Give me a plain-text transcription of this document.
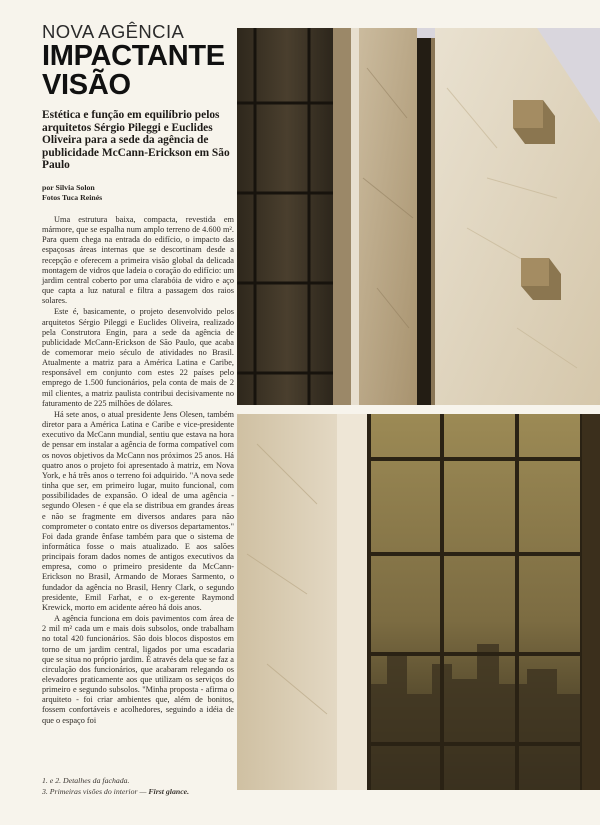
NOVA AGÊNCIA
IMPACTANTE
VISÃO
Estética e função em equilíbrio pelos arquitetos Sérgio Pileggi e Euclides Oliveira para a sede da agência de publicidade McCann-Erickson em São Paulo
por Silvia Solon
Fotos Tuca Reinés

Uma estrutura baixa, compacta, revestida em mármore, que se espalha num amplo terreno de 4.600 m². Para quem chega na entrada do edifício, o impacto das espaçosas áreas internas que se descortinam desde a recepção e oferecem a primeira visão global da delicada montagem de vidros que ladeia o coração do edifício: um jardim central coberto por uma clarabóia de vidro e aço que capta a luz natural e filtra a passagem dos raios solares.

Este é, basicamente, o projeto desenvolvido pelos arquitetos Sérgio Pileggi e Euclides Oliveira, realizado pela Construtora Engin, para a sede da agência de publicidade McCann-Erickson de São Paulo, que acaba de comemorar meio século de atividades no Brasil. Atualmente a matriz para a América Latina e Caribe, responsável em conjunto com estes 22 países pelo emprego de 1.500 funcionários, pela conta de mais de 2 mil clientes, a matriz paulista contribui decisivamente no faturamento de 225 milhões de dólares.

Há sete anos, o atual presidente Jens Olesen, também diretor para a América Latina e Caribe e vice-presidente executivo da McCann mundial, sentiu que estava na hora de pensar em instalar a agência de forma compatível com os novos objetivos da McCann nos próximos 25 anos. Há quatro anos o projeto foi apresentado à matriz, em Nova York, e há três anos o terreno foi adquirido. "A nova sede tinha que ser, em primeiro lugar, muito funcional, com possibilidades de expansão. O ideal de uma agência - segundo Olesen - é que ela se distribua em grandes áreas e não se fragmente em diversos andares para não comprometer o contato entre os diversos departamentos." Foi dada grande ênfase também para que o sistema de informática fosse o mais atualizado. E aos salões principais foram dados nomes de antigos executivos da empresa, como o primeiro presidente da McCann-Erickson no Brasil, Armando de Moraes Sarmento, o fundador da agência no Brasil, Henry Clark, o segundo presidente, Emil Farhat, e o ex-gerente Raymond Krewick, morto em acidente aéreo há dois anos.

A agência funciona em dois pavimentos com área de 2 mil m² cada um e mais dois subsolos, onde trabalham no total 420 funcionários. São dois blocos dispostos em torno de um jardim central, ligados por uma escadaria que se situa no próprio jardim. É através dela que se faz a circulação dos funcionários, que acabaram relegando os elevadores praticamente aos que utilizam os serviços do primeiro e segundo subsolos. "Minha proposta - afirma o arquiteto - foi criar ambientes que, além de bonitos, fossem confortáveis e acolhedores, seguindo a idéia de que o espaço foi

1. e 2. Detalhes da fachada.
3. Primeiras visões do interior — First glance.
